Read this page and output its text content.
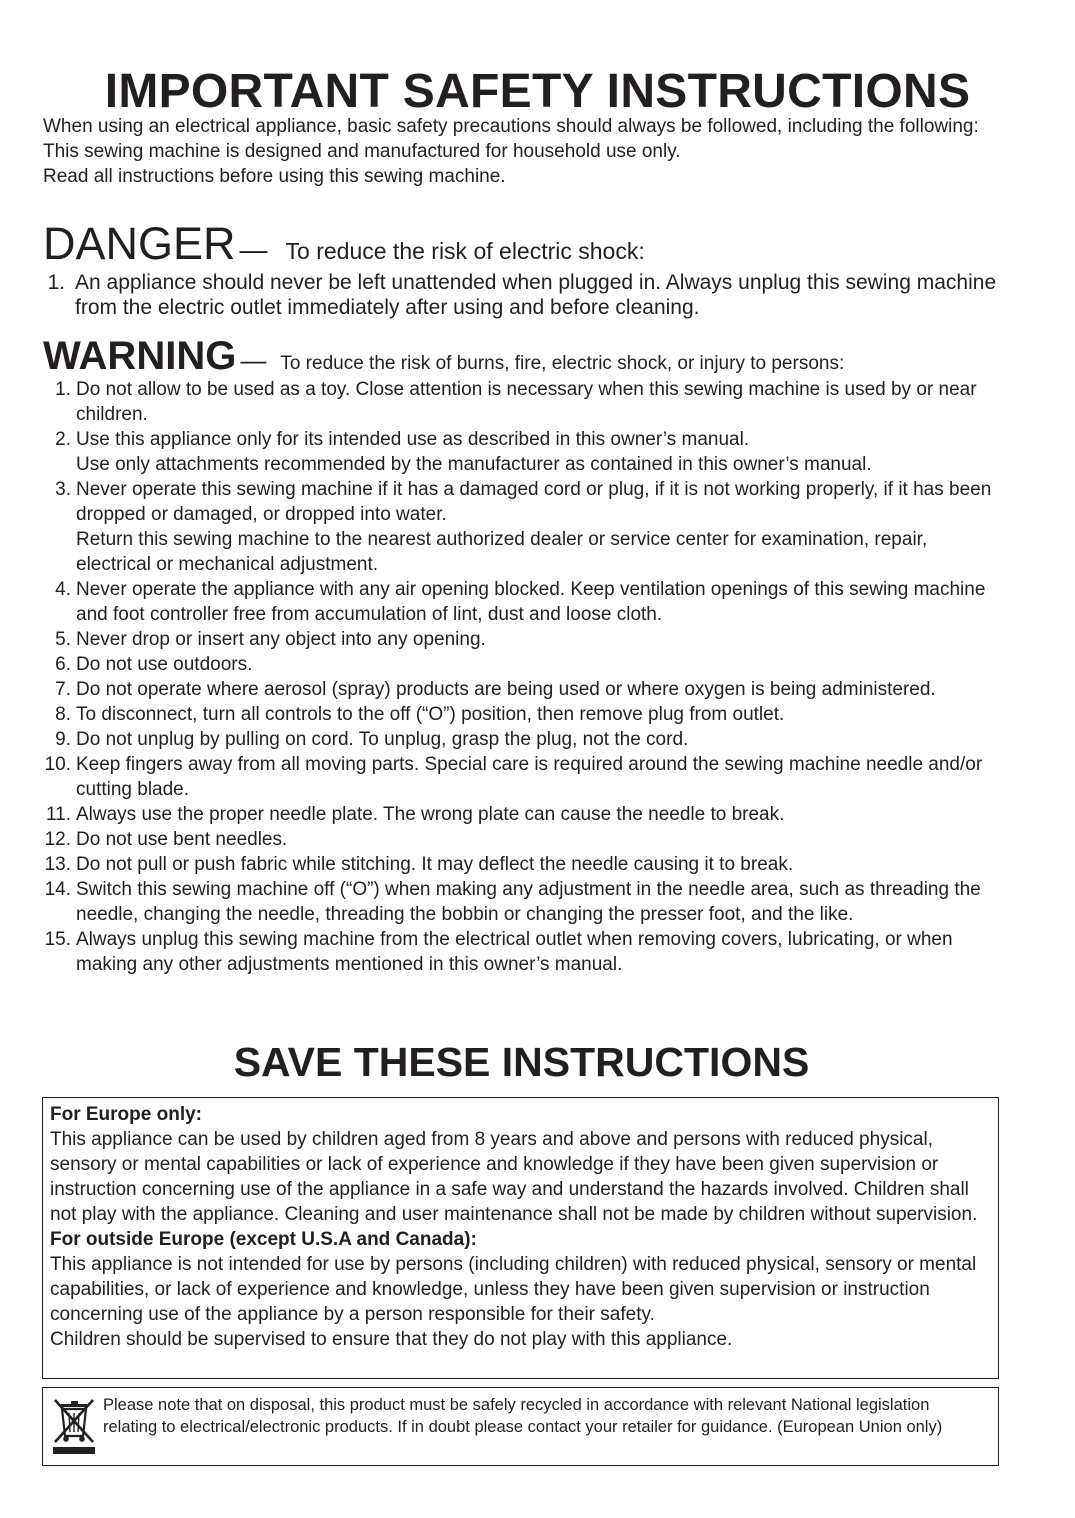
IMPORTANT SAFETY INSTRUCTIONS

When using an electrical appliance, basic safety precautions should always be followed, including the following:

This sewing machine is designed and manufactured for household use only.

Read all instructions before using this sewing machine.

DANGER — To reduce the risk of electric shock:
1. An appliance should never be left unattended when plugged in. Always unplug this sewing machine from the electric outlet immediately after using and before cleaning.
WARNING — To reduce the risk of burns, fire, electric shock, or injury to persons:
1. Do not allow to be used as a toy. Close attention is necessary when this sewing machine is used by or near children.
2. Use this appliance only for its intended use as described in this owner’s manual.
Use only attachments recommended by the manufacturer as contained in this owner’s manual.
3. Never operate this sewing machine if it has a damaged cord or plug, if it is not working properly, if it has been dropped or damaged, or dropped into water.
Return this sewing machine to the nearest authorized dealer or service center for examination, repair, electrical or mechanical adjustment.
4. Never operate the appliance with any air opening blocked. Keep ventilation openings of this sewing machine and foot controller free from accumulation of lint, dust and loose cloth.
5. Never drop or insert any object into any opening.
6. Do not use outdoors.
7. Do not operate where aerosol (spray) products are being used or where oxygen is being administered.
8. To disconnect, turn all controls to the off (“O”) position, then remove plug from outlet.
9. Do not unplug by pulling on cord. To unplug, grasp the plug, not the cord.
10. Keep fingers away from all moving parts. Special care is required around the sewing machine needle and/or cutting blade.
11. Always use the proper needle plate. The wrong plate can cause the needle to break.
12. Do not use bent needles.
13. Do not pull or push fabric while stitching. It may deflect the needle causing it to break.
14. Switch this sewing machine off (“O”) when making any adjustment in the needle area, such as threading the needle, changing the needle, threading the bobbin or changing the presser foot, and the like.
15. Always unplug this sewing machine from the electrical outlet when removing covers, lubricating, or when making any other adjustments mentioned in this owner’s manual.
SAVE THESE INSTRUCTIONS

For Europe only:

This appliance can be used by children aged from 8 years and above and persons with reduced physical, sensory or mental capabilities or lack of experience and knowledge if they have been given supervision or instruction concerning use of the appliance in a safe way and understand the hazards involved. Children shall not play with the appliance. Cleaning and user maintenance shall not be made by children without supervision.

For outside Europe (except U.S.A and Canada):

This appliance is not intended for use by persons (including children) with reduced physical, sensory or mental capabilities, or lack of experience and knowledge, unless they have been given supervision or instruction concerning use of the appliance by a person responsible for their safety.

Children should be supervised to ensure that they do not play with this appliance.

Please note that on disposal, this product must be safely recycled in accordance with relevant National legislation relating to electrical/electronic products. If in doubt please contact your retailer for guidance. (European Union only)
